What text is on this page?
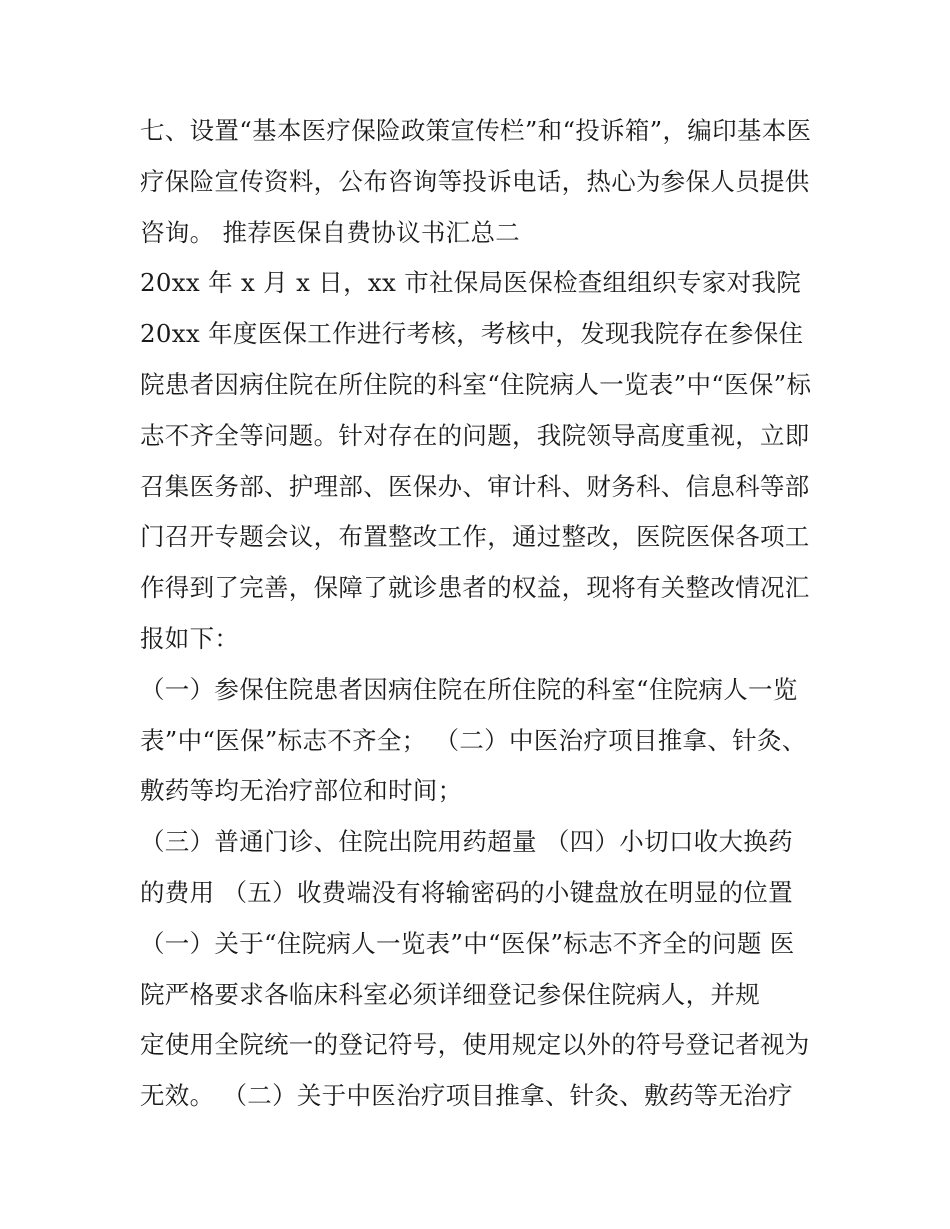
七、设置“基本医疗保险政策宣传栏”和“投诉箱”，编印基本医
疗保险宣传资料，公布咨询等投诉电话，热心为参保人员提供
咨询。 推荐医保自费协议书汇总二
20xx 年 x 月 x 日，xx 市社保局医保检查组组织专家对我院
20xx 年度医保工作进行考核，考核中，发现我院存在参保住
院患者因病住院在所住院的科室“住院病人一览表”中“医保”标
志不齐全等问题。针对存在的问题，我院领导高度重视，立即
召集医务部、护理部、医保办、审计科、财务科、信息科等部
门召开专题会议，布置整改工作，通过整改，医院医保各项工
作得到了完善，保障了就诊患者的权益，现将有关整改情况汇
报如下：
（一）参保住院患者因病住院在所住院的科室“住院病人一览
表”中“医保”标志不齐全； （二）中医治疗项目推拿、针灸、
敷药等均无治疗部位和时间；
（三）普通门诊、住院出院用药超量 （四）小切口收大换药
的费用 （五）收费端没有将输密码的小键盘放在明显的位置
（一）关于“住院病人一览表”中“医保”标志不齐全的问题 医
院严格要求各临床科室必须详细登记参保住院病人，并规
定使用全院统一的登记符号，使用规定以外的符号登记者视为
无效。 （二）关于中医治疗项目推拿、针灸、敷药等无治疗
